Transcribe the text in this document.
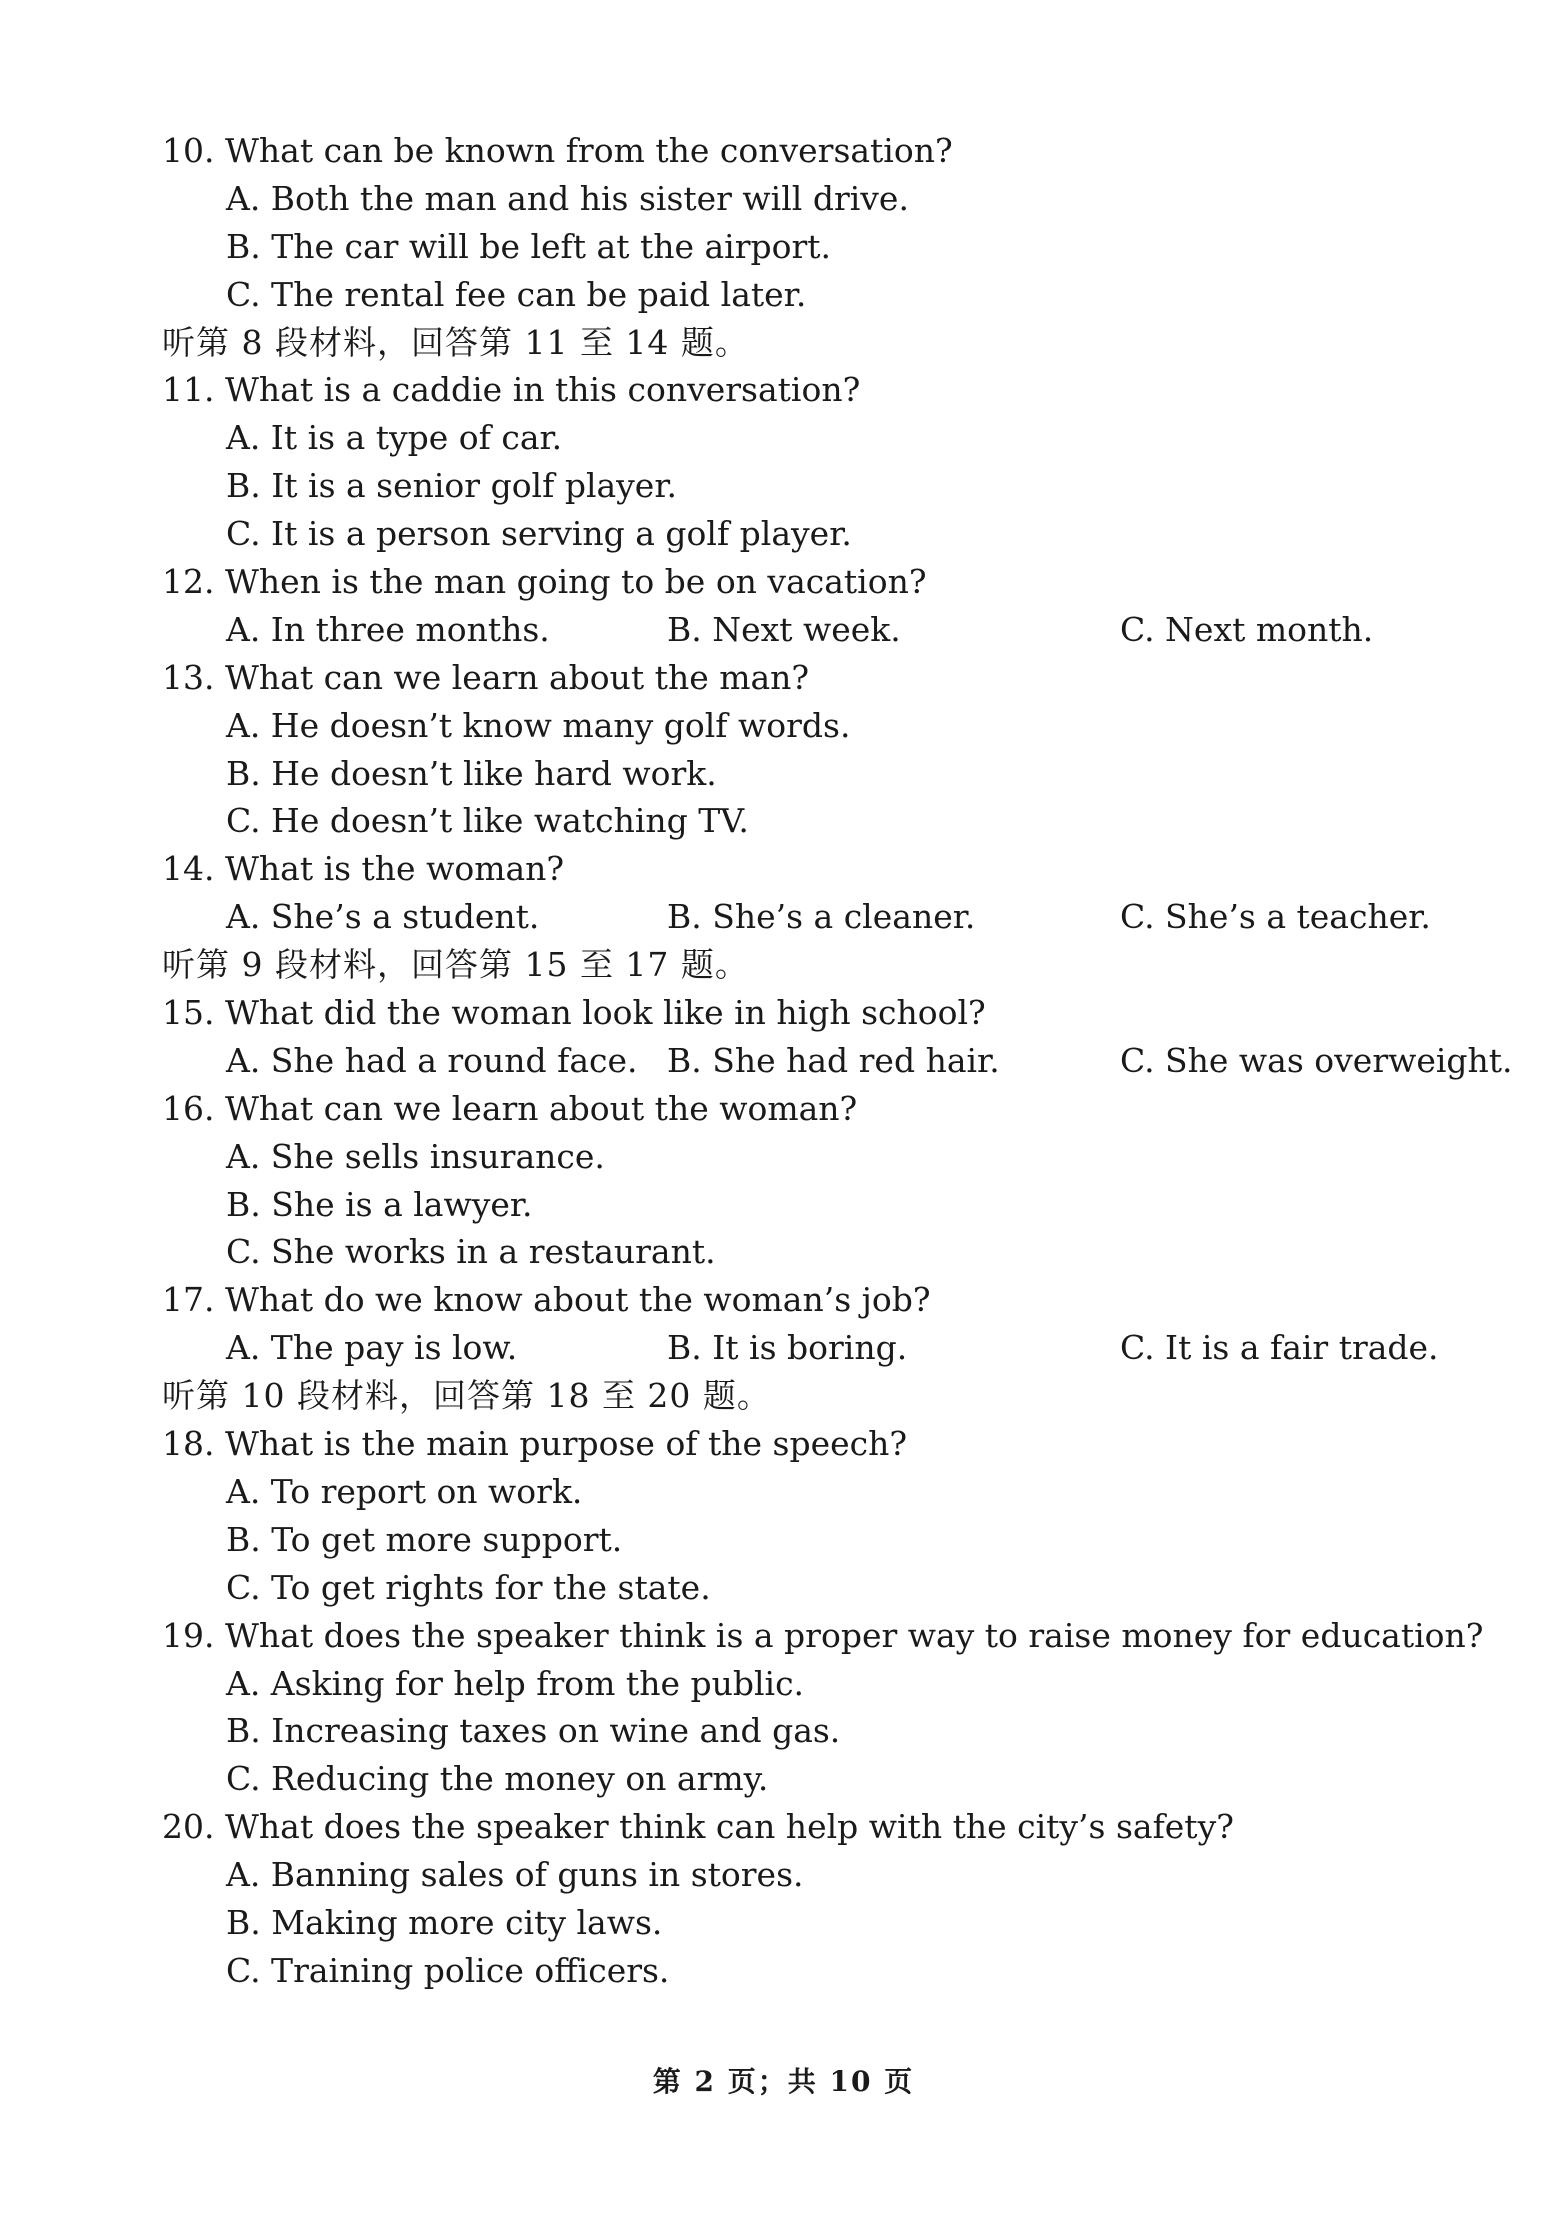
10. What can be known from the conversation?
A. Both the man and his sister will drive.
B. The car will be left at the airport.
C. The rental fee can be paid later.
听第 8 段材料，回答第 11 至 14 题。
11. What is a caddie in this conversation?
A. It is a type of car.
B. It is a senior golf player.
C. It is a person serving a golf player.
12. When is the man going to be on vacation?
A. In three months.	B. Next week.	C. Next month.
13. What can we learn about the man?
A. He doesn’t know many golf words.
B. He doesn’t like hard work.
C. He doesn’t like watching TV.
14. What is the woman?
A. She’s a student.	B. She’s a cleaner.	C. She’s a teacher.
听第 9 段材料，回答第 15 至 17 题。
15. What did the woman look like in high school?
A. She had a round face. B. She had red hair.	C. She was overweight.
16. What can we learn about the woman?
A. She sells insurance.
B. She is a lawyer.
C. She works in a restaurant.
17. What do we know about the woman’s job?
A. The pay is low.	B. It is boring.	C. It is a fair trade.
听第 10 段材料，回答第 18 至 20 题。
18. What is the main purpose of the speech?
A. To report on work.
B. To get more support.
C. To get rights for the state.
19. What does the speaker think is a proper way to raise money for education?
A. Asking for help from the public.
B. Increasing taxes on wine and gas.
C. Reducing the money on army.
20. What does the speaker think can help with the city’s safety?
A. Banning sales of guns in stores.
B. Making more city laws.
C. Training police officers.
第 2 页；共 10 页
